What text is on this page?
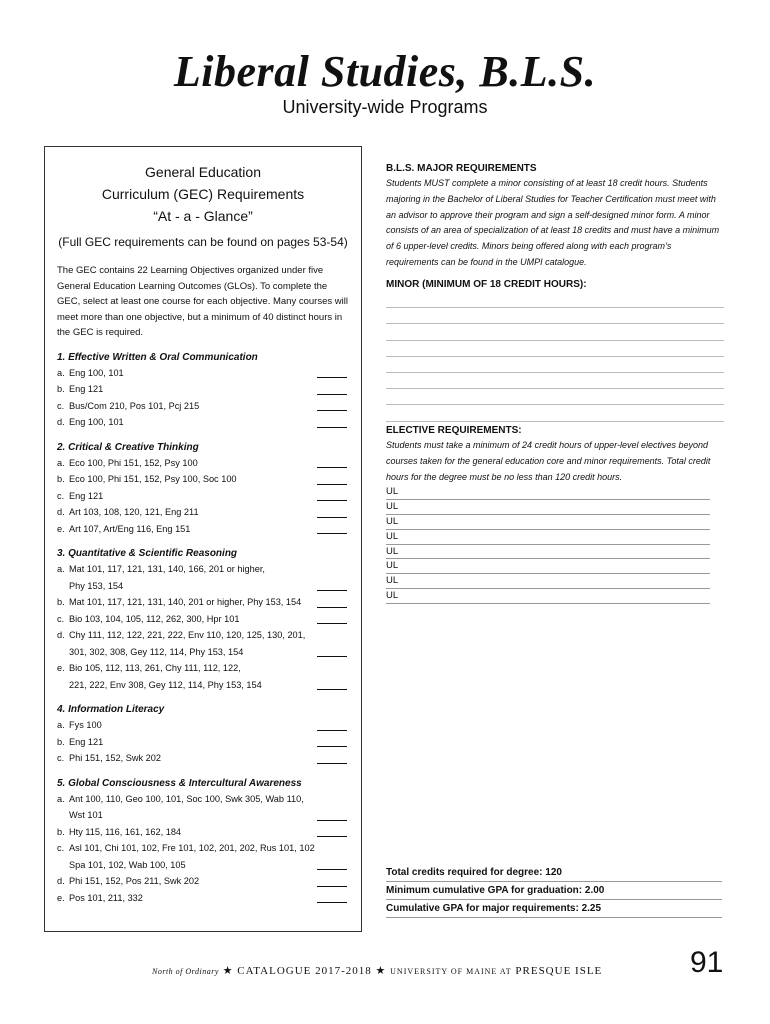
Liberal Studies, B.L.S.
University-wide Programs
General Education
Curriculum (GEC) Requirements
“At - a - Glance”
(Full GEC requirements can be found on pages 53-54)
The GEC contains 22 Learning Objectives organized under five General Education Learning Outcomes (GLOs). To complete the GEC, select at least one course for each objective. Many courses will meet more than one objective, but a minimum of 40 distinct hours in the GEC is required.
1. Effective Written & Oral Communication
a. Eng 100, 101
b. Eng 121
c. Bus/Com 210, Pos 101, Pcj 215
d. Eng 100, 101
2. Critical & Creative Thinking
a. Eco 100, Phi 151, 152, Psy 100
b. Eco 100, Phi 151, 152, Psy 100, Soc 100
c. Eng 121
d. Art 103, 108, 120, 121, Eng 211
e. Art 107, Art/Eng 116, Eng 151
3. Quantitative & Scientific Reasoning
a. Mat 101, 117, 121, 131, 140, 166, 201 or higher,
Phy 153, 154
b. Mat 101, 117, 121, 131, 140, 201 or higher, Phy 153, 154
c. Bio 103, 104, 105, 112, 262, 300, Hpr 101
d. Chy 111, 112, 122, 221, 222, Env 110, 120, 125, 130, 201,
301, 302, 308, Gey 112, 114, Phy 153, 154
e. Bio 105, 112, 113, 261, Chy 111, 112, 122,
221, 222, Env 308, Gey 112, 114, Phy 153, 154
4. Information Literacy
a. Fys 100
b. Eng 121
c. Phi 151, 152, Swk 202
5. Global Consciousness & Intercultural Awareness
a. Ant 100, 110, Geo 100, 101, Soc 100, Swk 305, Wab 110,
Wst 101
b. Hty 115, 116, 161, 162, 184
c. Asl 101, Chi 101, 102, Fre 101, 102, 201, 202, Rus 101, 102
Spa 101, 102, Wab 100, 105
d. Phi 151, 152, Pos 211, Swk 202
e. Pos 101, 211, 332
B.L.S. MAJOR REQUIREMENTS
Students MUST complete a minor consisting of at least 18 credit hours. Students majoring in the Bachelor of Liberal Studies for Teacher Certification must meet with an advisor to approve their program and sign a self-designed minor form. A minor consists of an area of specialization of at least 18 credits and must have a minimum of 6 upper-level credits. Minors being offered along with each program’s requirements can be found in the UMPI catalogue.
MINOR (MINIMUM OF 18 CREDIT HOURS):
ELECTIVE REQUIREMENTS:
Students must take a minimum of 24 credit hours of upper-level electives beyond courses taken for the general education core and minor requirements. Total credit hours for the degree must be no less than 120 credit hours.
UL
UL
UL
UL
UL
UL
UL
UL
Total credits required for degree: 120
Minimum cumulative GPA for graduation: 2.00
Cumulative GPA for major requirements: 2.25
North of Ordinary ★ CATALOGUE 2017-2018 ★ UNIVERSITY OF MAINE AT PRESQUE ISLE	91
